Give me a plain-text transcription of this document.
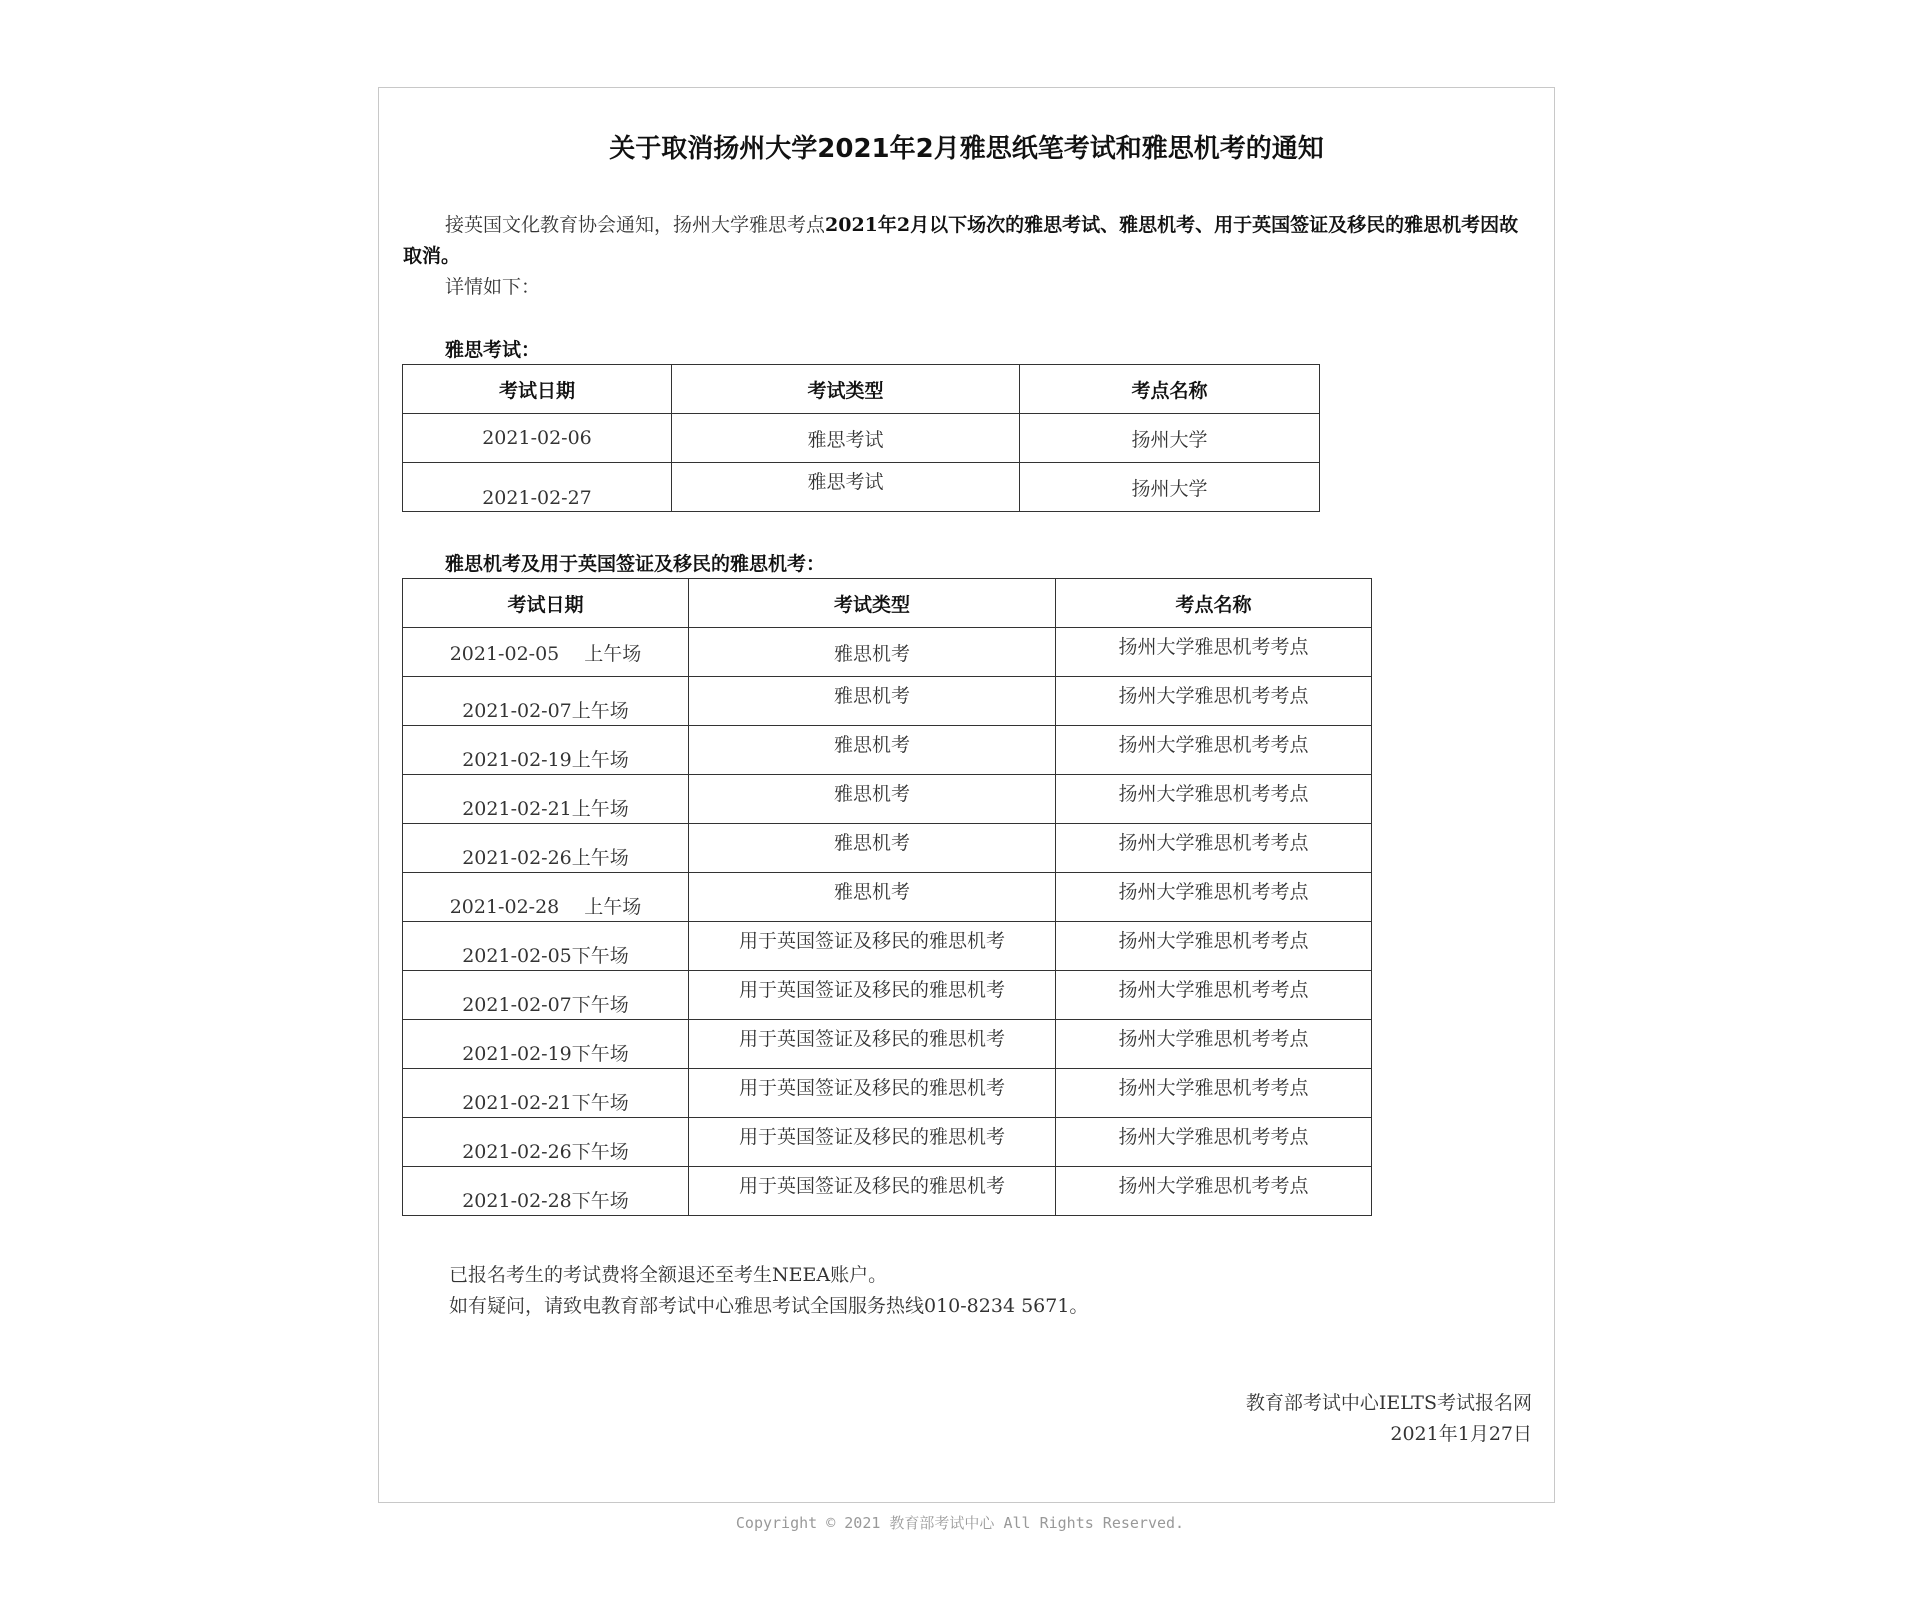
关于取消扬州大学2021年2月雅思纸笔考试和雅思机考的通知
接英国文化教育协会通知，扬州大学雅思考点2021年2月以下场次的雅思考试、雅思机考、用于英国签证及移民的雅思机考因故取消。
详情如下：
雅思考试：
考试日期	考试类型	考点名称
2021-02-06	雅思考试	扬州大学
2021-02-27	雅思考试	扬州大学
雅思机考及用于英国签证及移民的雅思机考：
考试日期	考试类型	考点名称
2021-02-05　 上午场	雅思机考	扬州大学雅思机考考点
2021-02-07上午场	雅思机考	扬州大学雅思机考考点
2021-02-19上午场	雅思机考	扬州大学雅思机考考点
2021-02-21上午场	雅思机考	扬州大学雅思机考考点
2021-02-26上午场	雅思机考	扬州大学雅思机考考点
2021-02-28　 上午场	雅思机考	扬州大学雅思机考考点
2021-02-05下午场	用于英国签证及移民的雅思机考	扬州大学雅思机考考点
2021-02-07下午场	用于英国签证及移民的雅思机考	扬州大学雅思机考考点
2021-02-19下午场	用于英国签证及移民的雅思机考	扬州大学雅思机考考点
2021-02-21下午场	用于英国签证及移民的雅思机考	扬州大学雅思机考考点
2021-02-26下午场	用于英国签证及移民的雅思机考	扬州大学雅思机考考点
2021-02-28下午场	用于英国签证及移民的雅思机考	扬州大学雅思机考考点
已报名考生的考试费将全额退还至考生NEEA账户。
如有疑问，请致电教育部考试中心雅思考试全国服务热线010-8234 5671。
教育部考试中心IELTS考试报名网
2021年1月27日
Copyright © 2021 教育部考试中心 All Rights Reserved.
